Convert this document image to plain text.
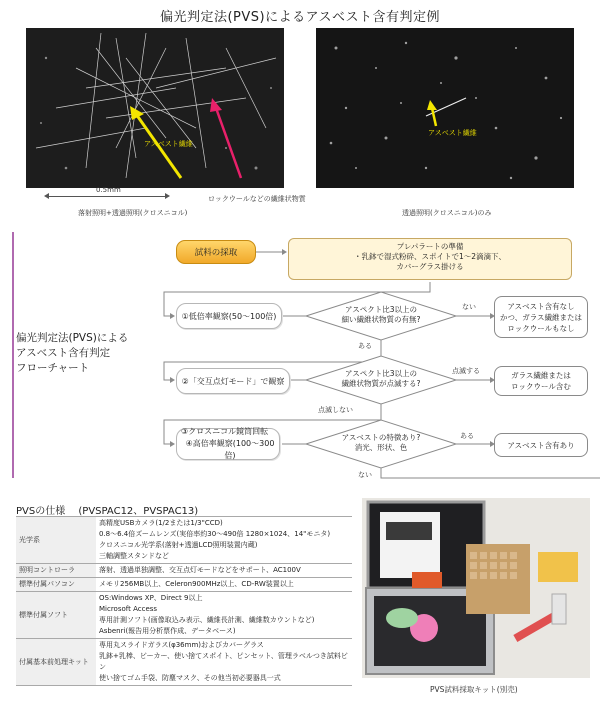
偏光判定法(PVS)によるアスベスト含有判定例
アスベスト繊維
0.5mm
ロックウールなどの繊維状物質
落射照明+透過照明(クロスニコル)
アスベスト繊維
透過照明(クロスニコル)のみ
偏光判定法(PVS)による
アスベスト含有判定
フローチャート
試料の採取
プレパラートの準備
・乳鉢で湿式粉砕、スポイトで1～2滴滴下、
カバーグラス掛ける
①低倍率観察(50～100倍)
アスペクト比3以上の
細い繊維状物質の有無?
ない
ある
アスベスト含有なし
かつ、ガラス繊維または
ロックウールもなし
②「交互点灯モード」で観察
アスペクト比3以上の
繊維状物質が点滅する?
点滅する
点滅しない
ガラス繊維または
ロックウール含む
③クロスニコル鏡筒回転
④高倍率観察(100～300倍)
アスベストの特徴あり?
消光、形状、色
ある
ない
アスベスト含有あり
PVSの仕様 (PVSPAC12、PVSPAC13)
光学系	高精度USBカメラ(1/2または1/3"CCD)
0.8～6.4倍ズームレンズ(実倍率約30～490倍 1280×1024、14"モニタ)
クロスニコル光学系(落射+透過LCD照明装置内蔵)
三軸調整スタンドなど

照明コントローラ	落射、透過単独調整、交互点灯モードなどをサポート、AC100V
標準付属パソコン	メモリ256MB以上、Celeron900MHz以上、CD-RW装置以上
標準付属ソフト	OS:Windows XP、Direct 9以上
Microsoft Access
専用計測ソフト(画像取込み表示、繊維長計測、繊維数カウントなど)
Asbenri(報告用分析票作成、データベース)

付属基本前処理キット	専用丸スライドガラス(φ36mm)およびカバーグラス
乳鉢+乳棒、ビーカー、使い捨てスポイト、ピンセット、管理ラベルつき試料ビン
使い捨てゴム手袋、防塵マスク、その他当初必要器具一式
PVS試料採取キット(別売)
